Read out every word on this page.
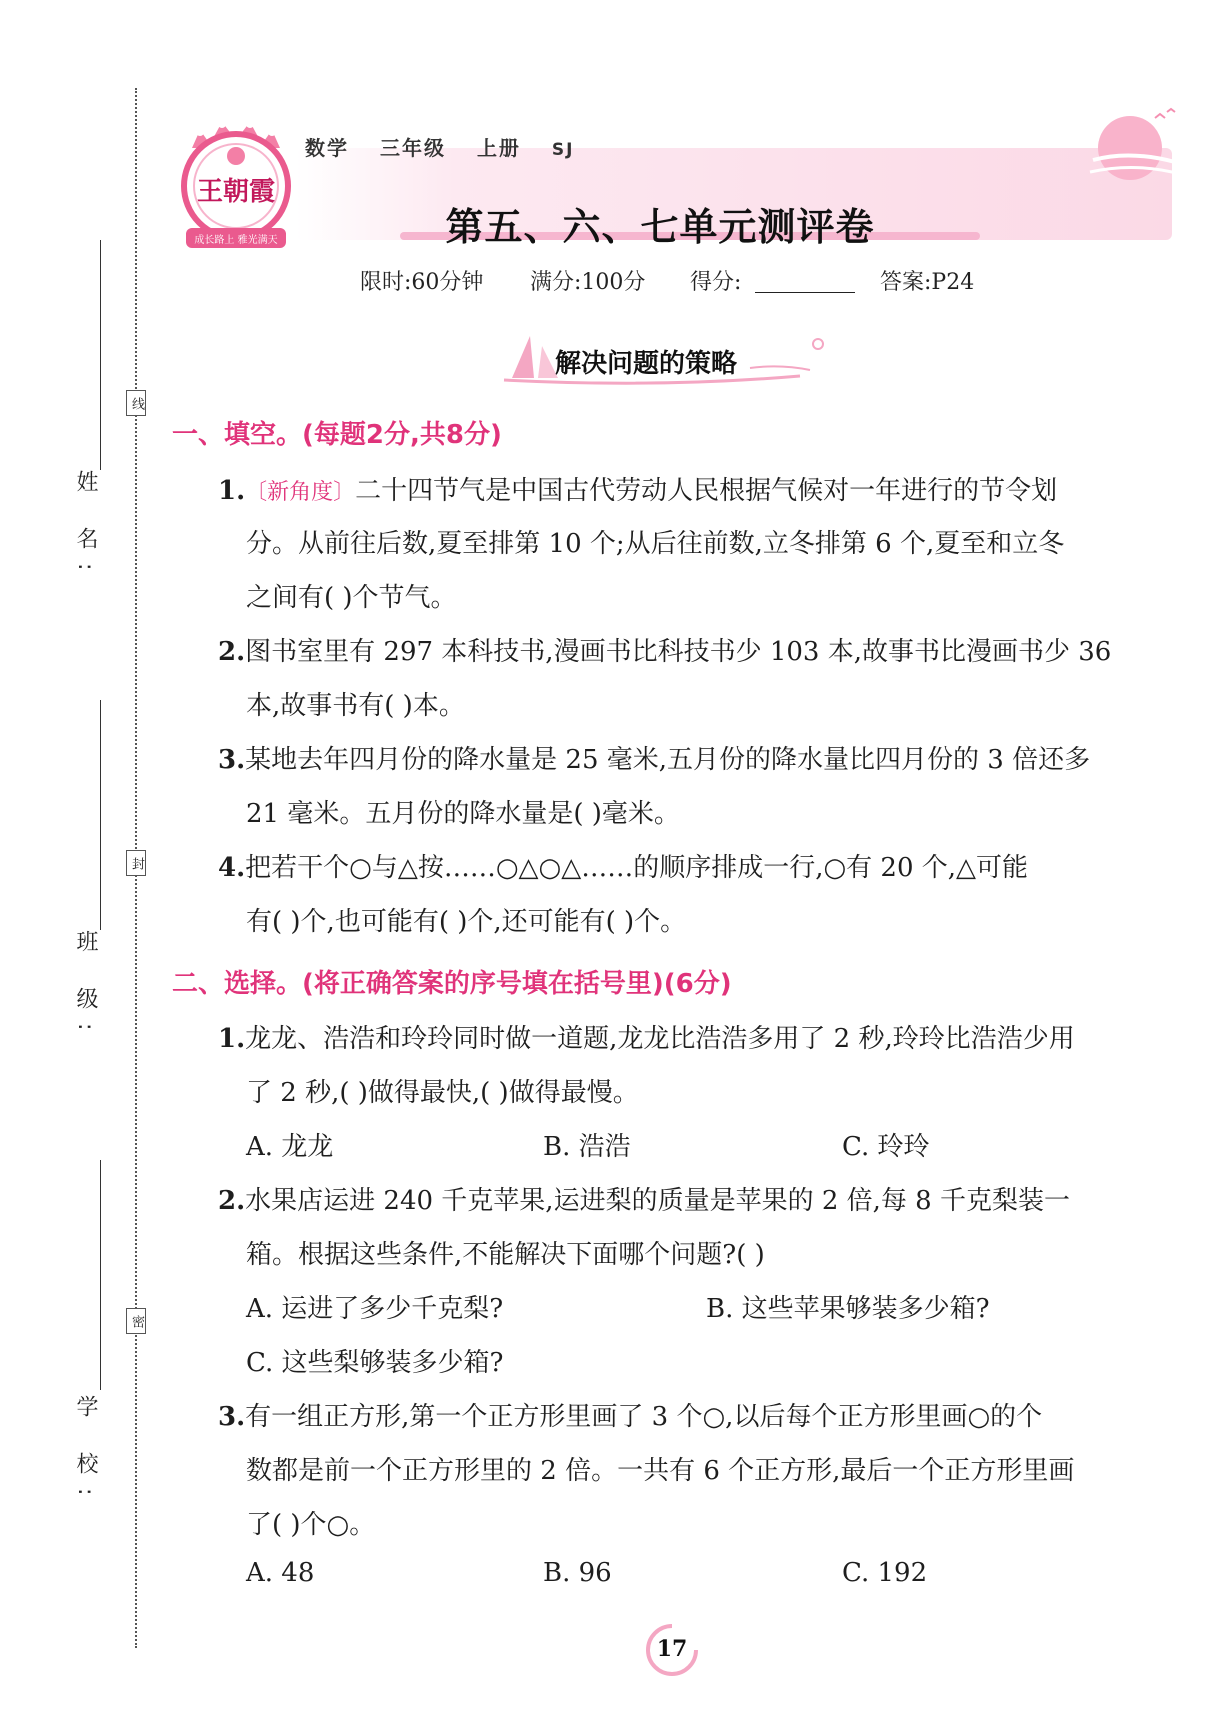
姓 名:
班 级:
学 校:
线
封
密
王朝霞
成长路上 雅光满天
数学 三年级 上册 SJ
第五、六、七单元测评卷
限时:60分钟 满分:100分 得分:	答案:P24
解决问题的策略
一、填空。(每题2分,共8分)
1.〔新角度〕二十四节气是中国古代劳动人民根据气候对一年进行的节令划
分。从前往后数,夏至排第 10 个;从后往前数,立冬排第 6 个,夏至和立冬
之间有( )个节气。
2.图书室里有 297 本科技书,漫画书比科技书少 103 本,故事书比漫画书少 36
本,故事书有( )本。
3.某地去年四月份的降水量是 25 毫米,五月份的降水量比四月份的 3 倍还多
21 毫米。五月份的降水量是( )毫米。
4.把若干个○与△按……○△○△……的顺序排成一行,○有 20 个,△可能
有( )个,也可能有( )个,还可能有( )个。
二、选择。(将正确答案的序号填在括号里)(6分)
1.龙龙、浩浩和玲玲同时做一道题,龙龙比浩浩多用了 2 秒,玲玲比浩浩少用
了 2 秒,( )做得最快,( )做得最慢。
A. 龙龙	B. 浩浩	C. 玲玲
2.水果店运进 240 千克苹果,运进梨的质量是苹果的 2 倍,每 8 千克梨装一
箱。根据这些条件,不能解决下面哪个问题?( )
A. 运进了多少千克梨?	B. 这些苹果够装多少箱?
C. 这些梨够装多少箱?
3.有一组正方形,第一个正方形里画了 3 个○,以后每个正方形里画○的个
数都是前一个正方形里的 2 倍。一共有 6 个正方形,最后一个正方形里画
了( )个○。
A. 48	B. 96	C. 192
17
